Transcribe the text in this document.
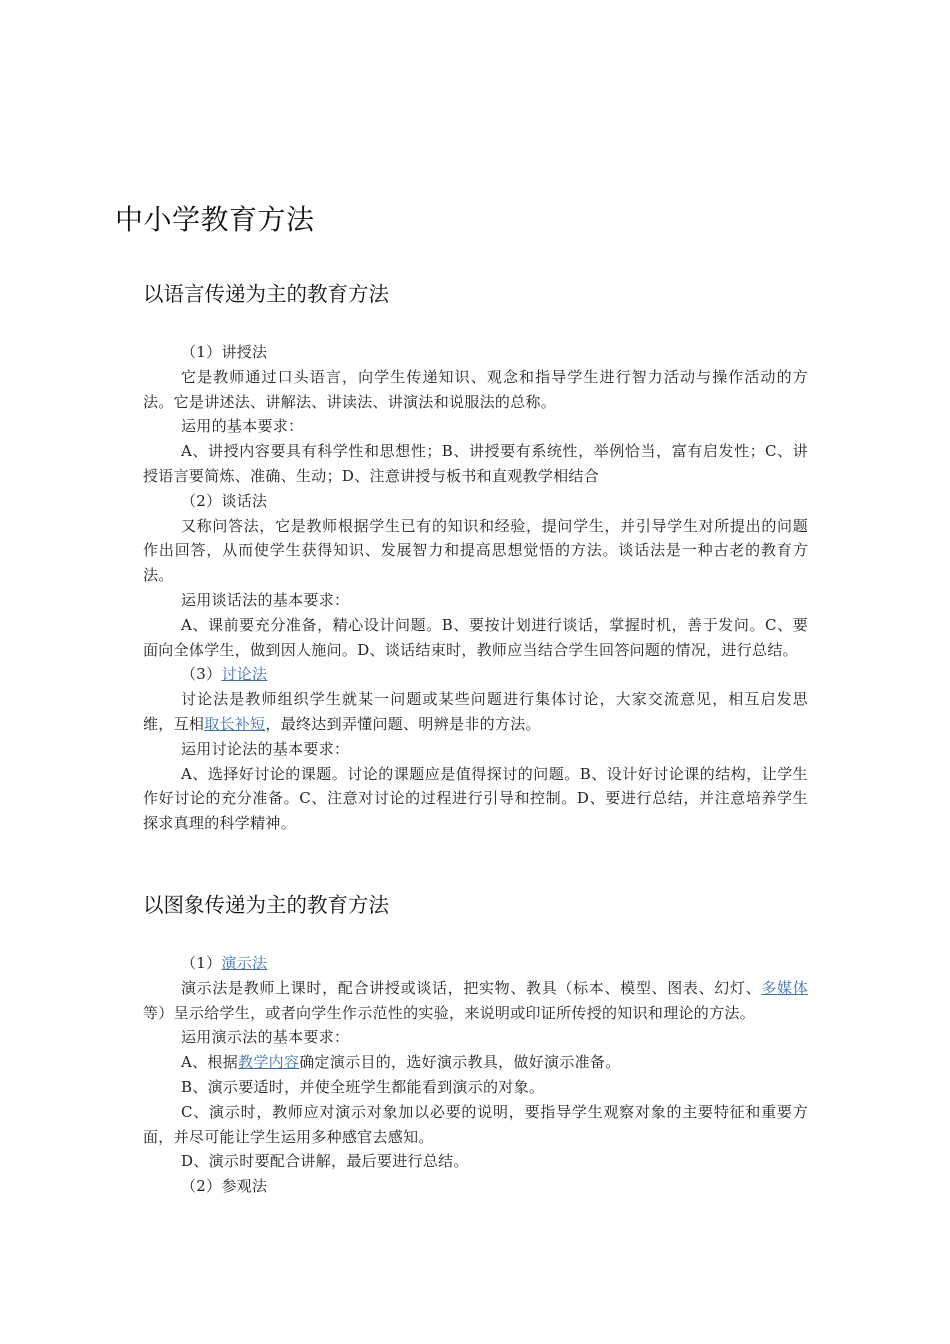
中小学教育方法
以语言传递为主的教育方法

（1）讲授法

它是教师通过口头语言，向学生传递知识、观念和指导学生进行智力活动与操作活动的方法。它是讲述法、讲解法、讲读法、讲演法和说服法的总称。

运用的基本要求：

A、讲授内容要具有科学性和思想性；B、讲授要有系统性，举例恰当，富有启发性；C、讲授语言要简炼、准确、生动；D、注意讲授与板书和直观教学相结合

（2）谈话法

又称问答法，它是教师根据学生已有的知识和经验，提问学生，并引导学生对所提出的问题作出回答，从而使学生获得知识、发展智力和提高思想觉悟的方法。谈话法是一种古老的教育方法。

运用谈话法的基本要求：

A、课前要充分准备，精心设计问题。B、要按计划进行谈话，掌握时机，善于发问。C、要面向全体学生，做到因人施问。D、谈话结束时，教师应当结合学生回答问题的情况，进行总结。

（3）讨论法

讨论法是教师组织学生就某一问题或某些问题进行集体讨论，大家交流意见，相互启发思维，互相取长补短，最终达到弄懂问题、明辨是非的方法。

运用讨论法的基本要求：

A、选择好讨论的课题。讨论的课题应是值得探讨的问题。B、设计好讨论课的结构，让学生作好讨论的充分准备。C、注意对讨论的过程进行引导和控制。D、要进行总结，并注意培养学生探求真理的科学精神。

以图象传递为主的教育方法

（1）演示法

演示法是教师上课时，配合讲授或谈话，把实物、教具（标本、模型、图表、幻灯、多媒体等）呈示给学生，或者向学生作示范性的实验，来说明或印证所传授的知识和理论的方法。

运用演示法的基本要求：

A、根据教学内容确定演示目的，选好演示教具，做好演示准备。

B、演示要适时，并使全班学生都能看到演示的对象。

C、演示时，教师应对演示对象加以必要的说明，要指导学生观察对象的主要特征和重要方面，并尽可能让学生运用多种感官去感知。

D、演示时要配合讲解，最后要进行总结。

（2）参观法
